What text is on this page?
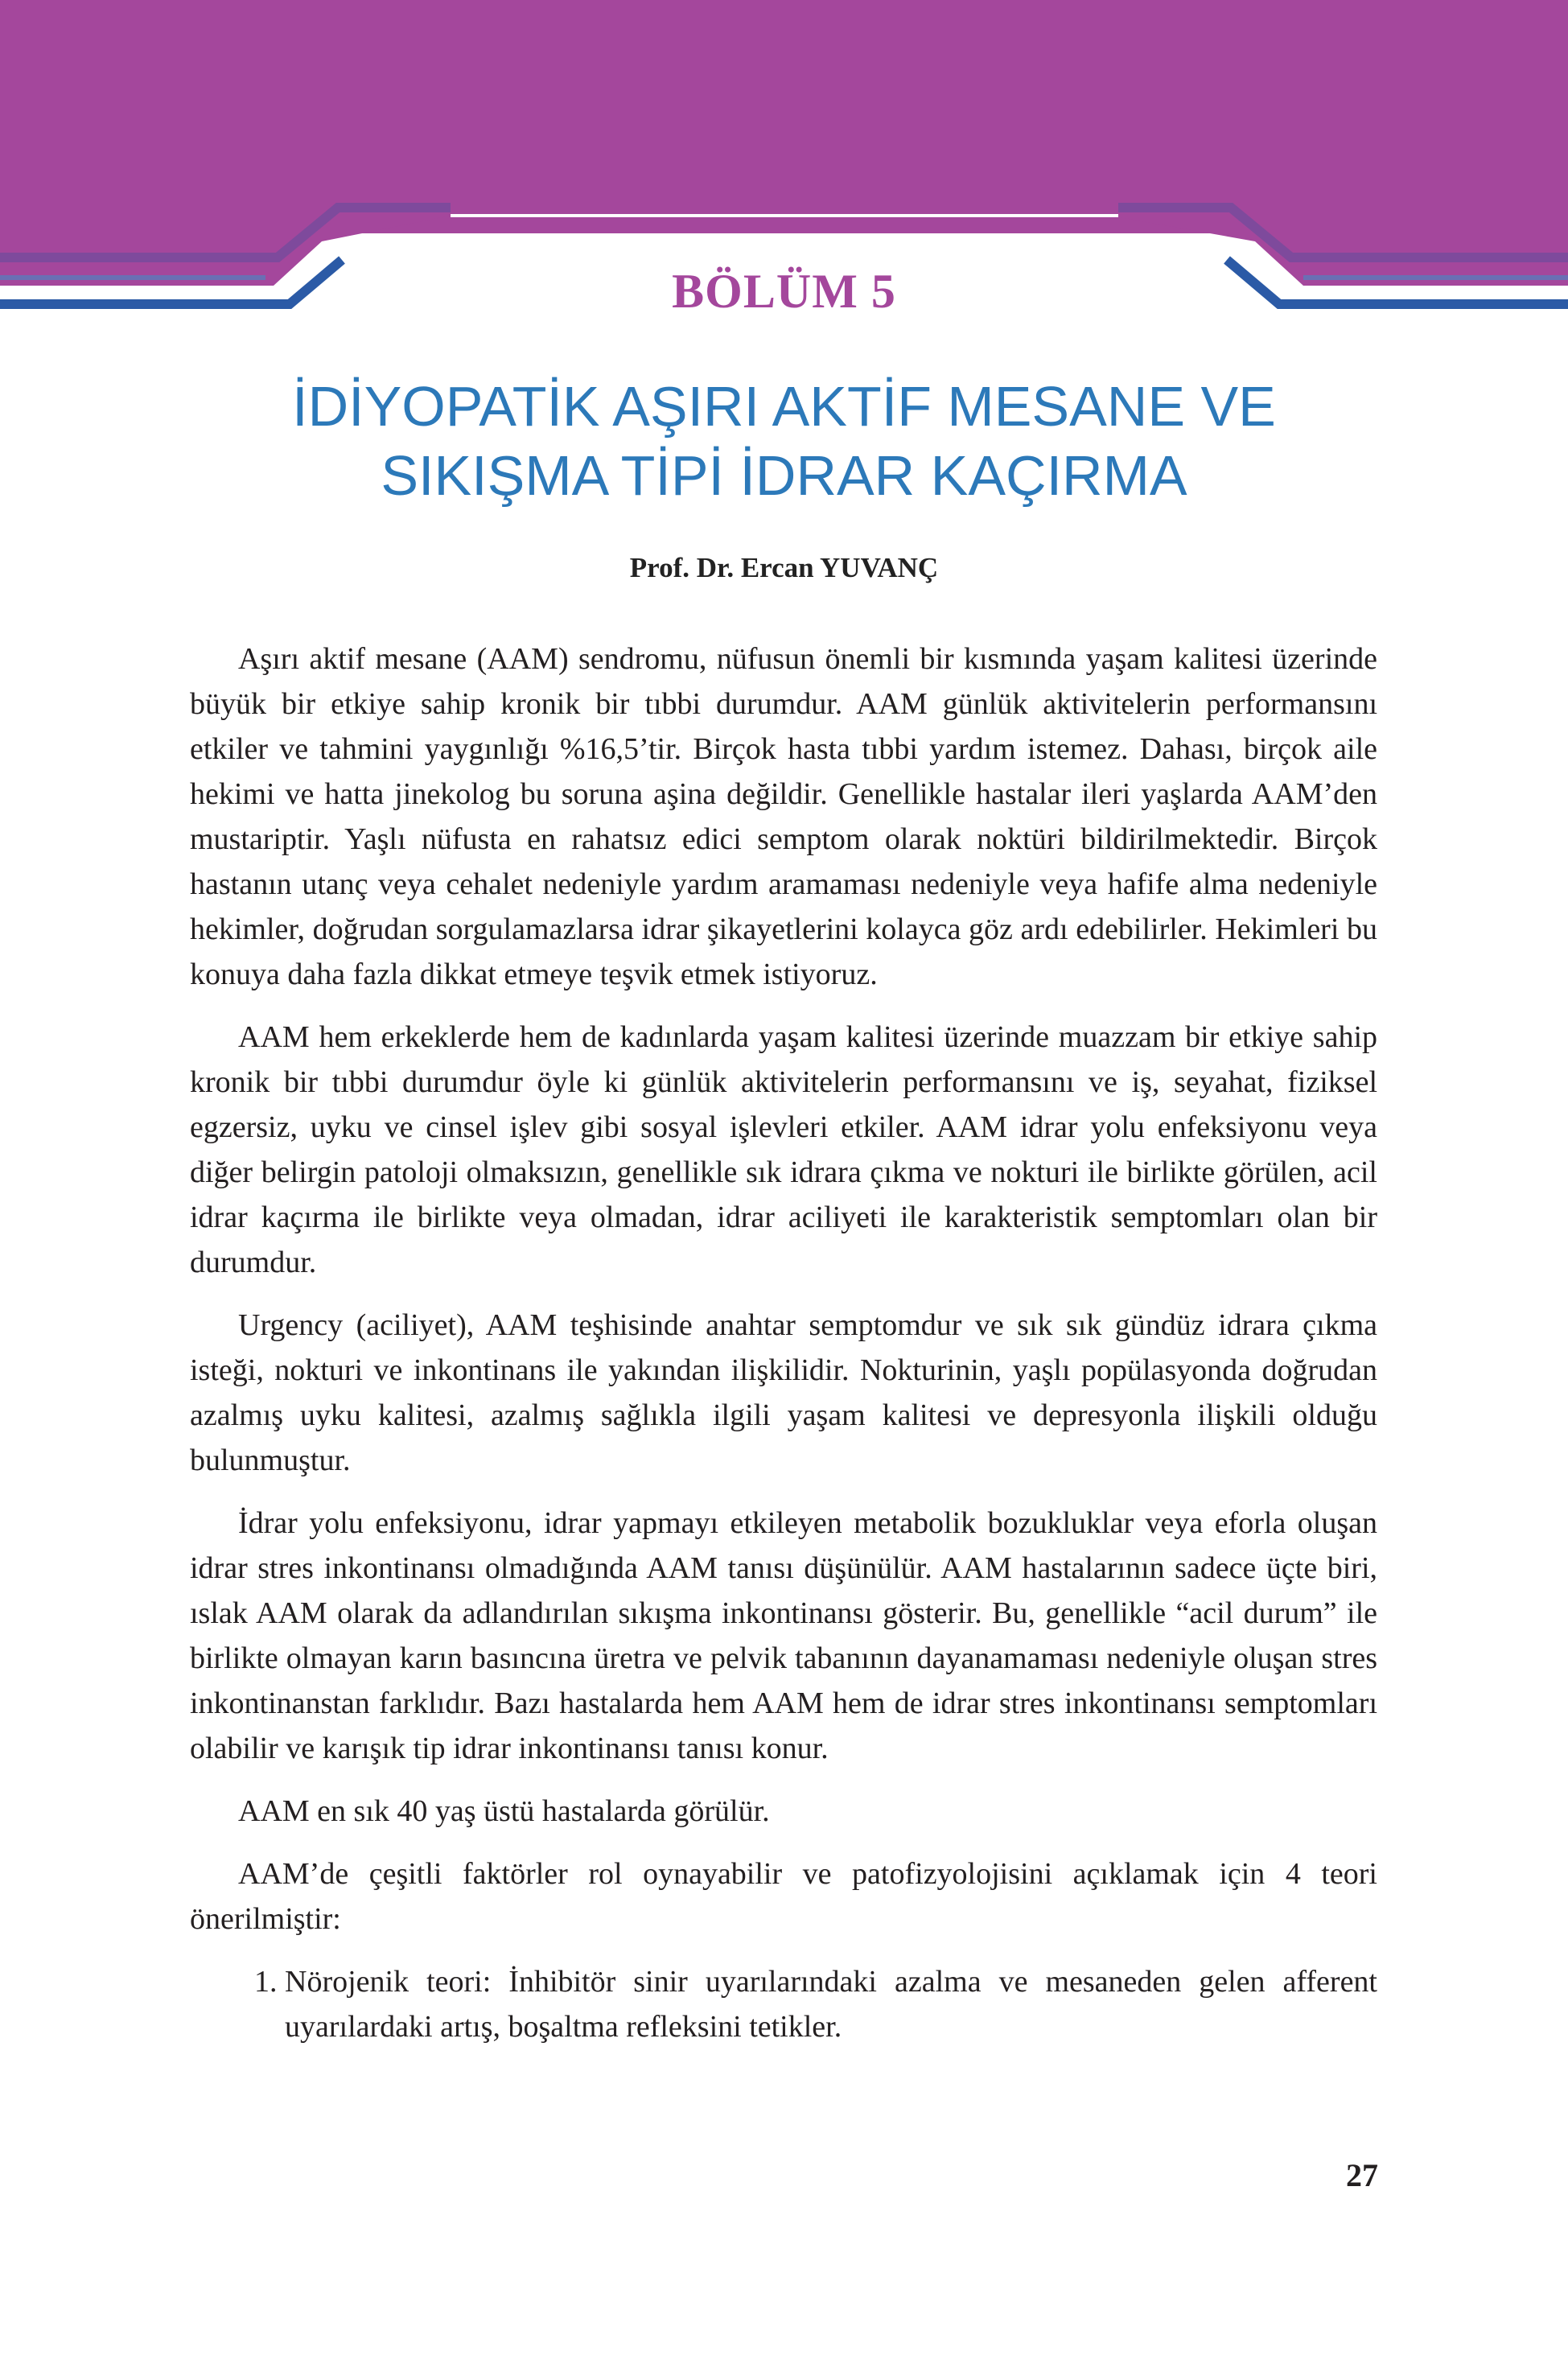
BÖLÜM 5
İDİYOPATİK AŞIRI AKTİF MESANE VE
SIKIŞMA TİPİ İDRAR KAÇIRMA
Prof. Dr. Ercan YUVANÇ

Aşırı aktif mesane (AAM) sendromu, nüfusun önemli bir kısmında yaşam kalitesi üzerinde büyük bir etkiye sahip kronik bir tıbbi durumdur. AAM günlük aktivitelerin performansını etkiler ve tahmini yaygınlığı %16,5’tir. Birçok hasta tıbbi yardım istemez. Dahası, birçok aile hekimi ve hatta jinekolog bu soruna aşina değildir. Genellikle hastalar ileri yaşlarda AAM’den mustariptir. Yaşlı nüfusta en rahatsız edici semptom olarak noktüri bildirilmektedir. Birçok hastanın utanç veya cehalet nedeniyle yardım aramaması nedeniyle veya hafife alma nedeniyle hekimler, doğrudan sorgulamazlarsa idrar şikayetlerini kolayca göz ardı edebilirler. Hekimleri bu konuya daha fazla dikkat etmeye teşvik etmek istiyoruz.

AAM hem erkeklerde hem de kadınlarda yaşam kalitesi üzerinde muazzam bir etkiye sahip kronik bir tıbbi durumdur öyle ki günlük aktivitelerin performansını ve iş, seyahat, fiziksel egzersiz, uyku ve cinsel işlev gibi sosyal işlevleri etkiler. AAM idrar yolu enfeksiyonu veya diğer belirgin patoloji olmaksızın, genellikle sık idrara çıkma ve nokturi ile birlikte görülen, acil idrar kaçırma ile birlikte veya olmadan, idrar aciliyeti ile karakteristik semptomları olan bir durumdur.

Urgency (aciliyet), AAM teşhisinde anahtar semptomdur ve sık sık gündüz idrara çıkma isteği, nokturi ve inkontinans ile yakından ilişkilidir. Nokturinin, yaşlı popülasyonda doğrudan azalmış uyku kalitesi, azalmış sağlıkla ilgili yaşam kalitesi ve depresyonla ilişkili olduğu bulunmuştur.

İdrar yolu enfeksiyonu, idrar yapmayı etkileyen metabolik bozukluklar veya eforla oluşan idrar stres inkontinansı olmadığında AAM tanısı düşünülür. AAM hastalarının sadece üçte biri, ıslak AAM olarak da adlandırılan sıkışma inkontinansı gösterir. Bu, genellikle “acil durum” ile birlikte olmayan karın basıncına üretra ve pelvik tabanının dayanamaması nedeniyle oluşan stres inkontinanstan farklıdır. Bazı hastalarda hem AAM hem de idrar stres inkontinansı semptomları olabilir ve karışık tip idrar inkontinansı tanısı konur.

AAM en sık 40 yaş üstü hastalarda görülür.

AAM’de çeşitli faktörler rol oynayabilir ve patofizyolojisini açıklamak için 4 teori önerilmiştir:

1. Nörojenik teori: İnhibitör sinir uyarılarındaki azalma ve mesaneden gelen afferent uyarılardaki artış, boşaltma refleksini tetikler.
27
